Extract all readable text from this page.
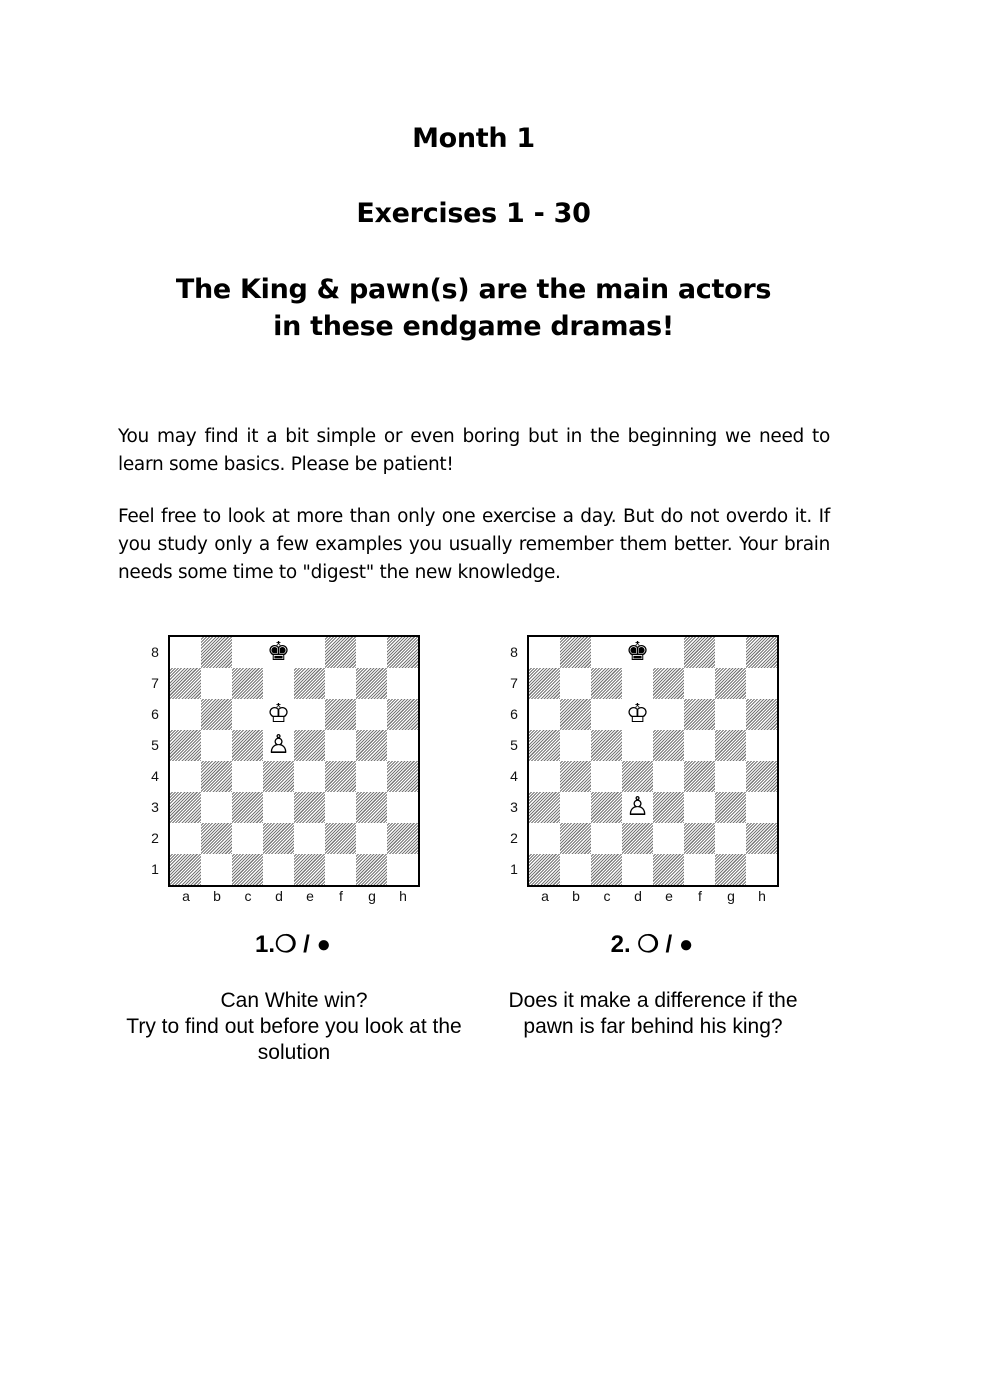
Month 1
Exercises 1 - 30
The King & pawn(s) are the main actors
in these endgame dramas!

You may find it a bit simple or even boring but in the beginning we need to learn some basics. Please be patient!

Feel free to look at more than only one exercise a day. But do not overdo it. If you study only a few examples you usually remember them better. Your brain needs some time to "digest" the new knowledge.

8
7
6
5
4
3
2
1
a b c d e	f	g h
♚
♔
♙
8
7
6
5
4
3
2
1
a b c d e	f	g h
♚
♔
♙
1.❍ / ●	2. ❍ / ●
Can White win?
Try to find out before you look at the
solution
Does it make a difference if the
pawn is far behind his king?
